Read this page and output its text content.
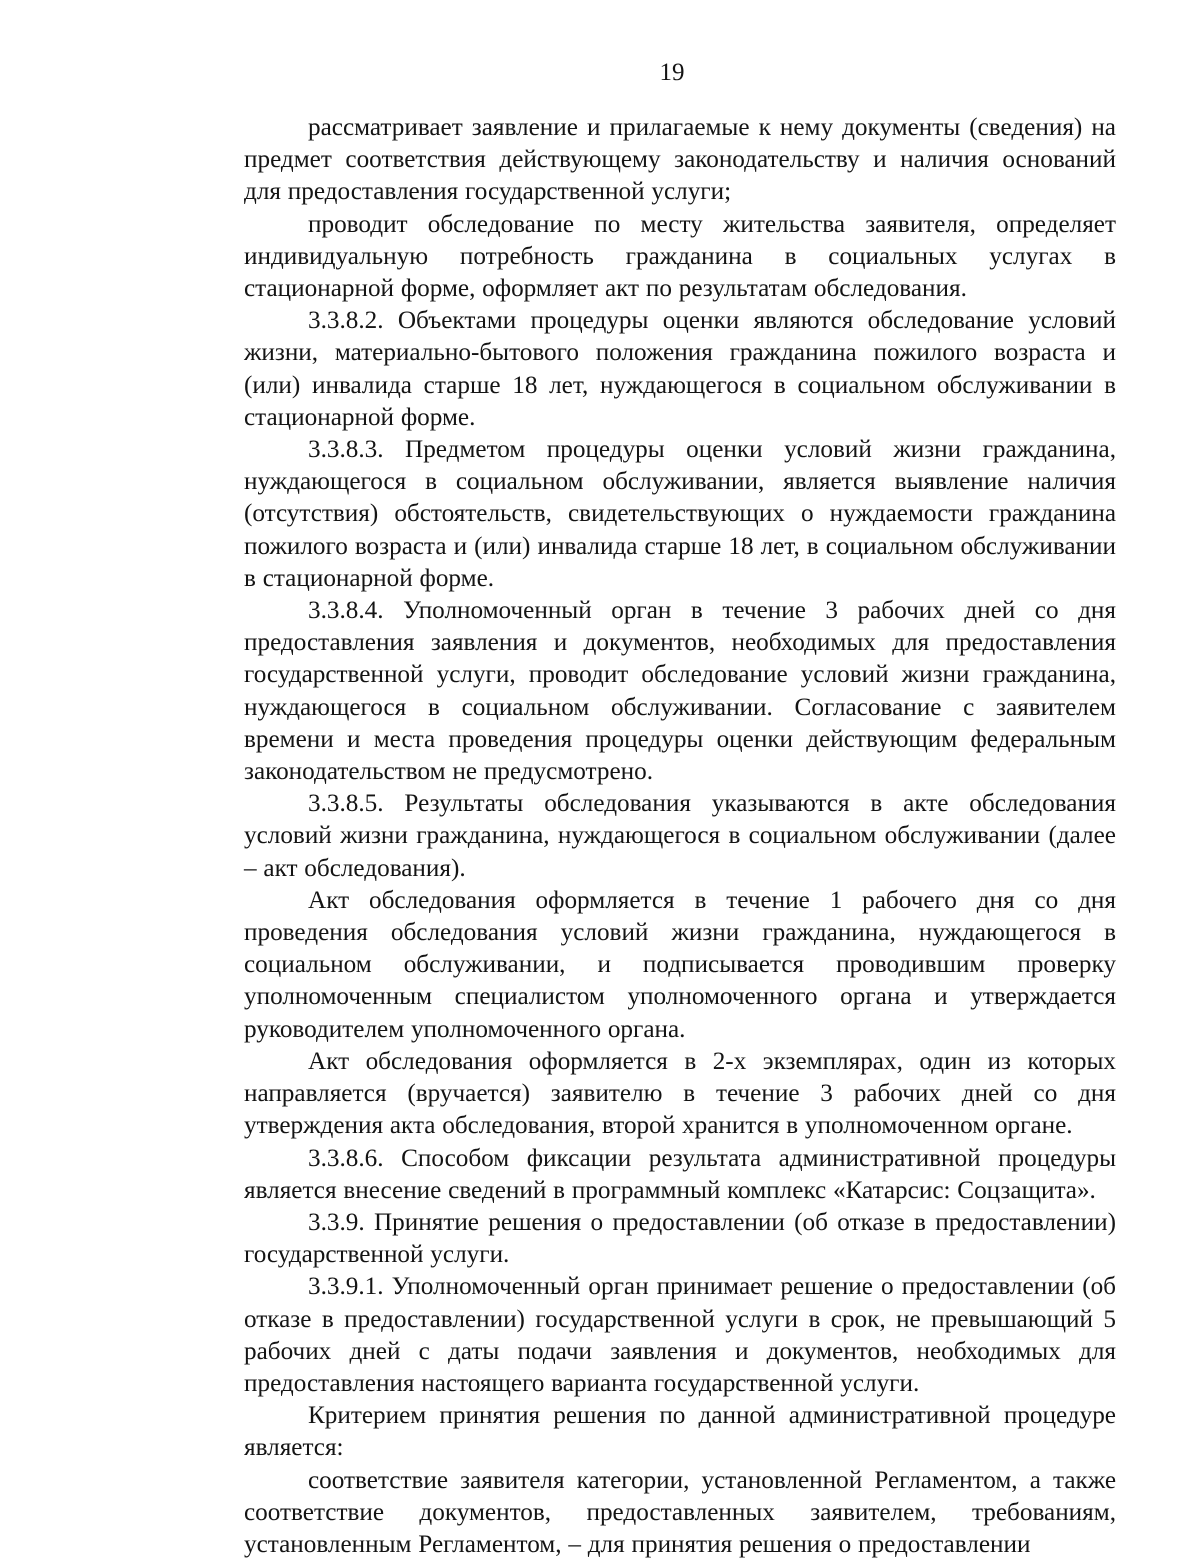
19

рассматривает заявление и прилагаемые к нему документы (сведения) на предмет соответствия действующему законодательству и наличия оснований для предоставления государственной услуги;

проводит обследование по месту жительства заявителя, определяет индивидуальную потребность гражданина в социальных услугах в стационарной форме, оформляет акт по результатам обследования.

3.3.8.2. Объектами процедуры оценки являются обследование условий жизни, материально-бытового положения гражданина пожилого возраста и (или) инвалида старше 18 лет, нуждающегося в социальном обслуживании в стационарной форме.

3.3.8.3. Предметом процедуры оценки условий жизни гражданина, нуждающегося в социальном обслуживании, является выявление наличия (отсутствия) обстоятельств, свидетельствующих о нуждаемости гражданина пожилого возраста и (или) инвалида старше 18 лет, в социальном обслуживании в стационарной форме.

3.3.8.4. Уполномоченный орган в течение 3 рабочих дней со дня предоставления заявления и документов, необходимых для предоставления государственной услуги, проводит обследование условий жизни гражданина, нуждающегося в социальном обслуживании. Согласование с заявителем времени и места проведения процедуры оценки действующим федеральным законодательством не предусмотрено.

3.3.8.5. Результаты обследования указываются в акте обследования условий жизни гражданина, нуждающегося в социальном обслуживании (далее – акт обследования).

Акт обследования оформляется в течение 1 рабочего дня со дня проведения обследования условий жизни гражданина, нуждающегося в социальном обслуживании, и подписывается проводившим проверку уполномоченным специалистом уполномоченного органа и утверждается руководителем уполномоченного органа.

Акт обследования оформляется в 2-х экземплярах, один из которых направляется (вручается) заявителю в течение 3 рабочих дней со дня утверждения акта обследования, второй хранится в уполномоченном органе.

3.3.8.6. Способом фиксации результата административной процедуры является внесение сведений в программный комплекс «Катарсис: Соцзащита».

3.3.9. Принятие решения о предоставлении (об отказе в предоставлении) государственной услуги.

3.3.9.1. Уполномоченный орган принимает решение о предоставлении (об отказе в предоставлении) государственной услуги в срок, не превышающий 5 рабочих дней с даты подачи заявления и документов, необходимых для предоставления настоящего варианта государственной услуги.

Критерием принятия решения по данной административной процедуре является:

соответствие заявителя категории, установленной Регламентом, а также соответствие документов, предоставленных заявителем, требованиям, установленным Регламентом, – для принятия решения о предоставлении
